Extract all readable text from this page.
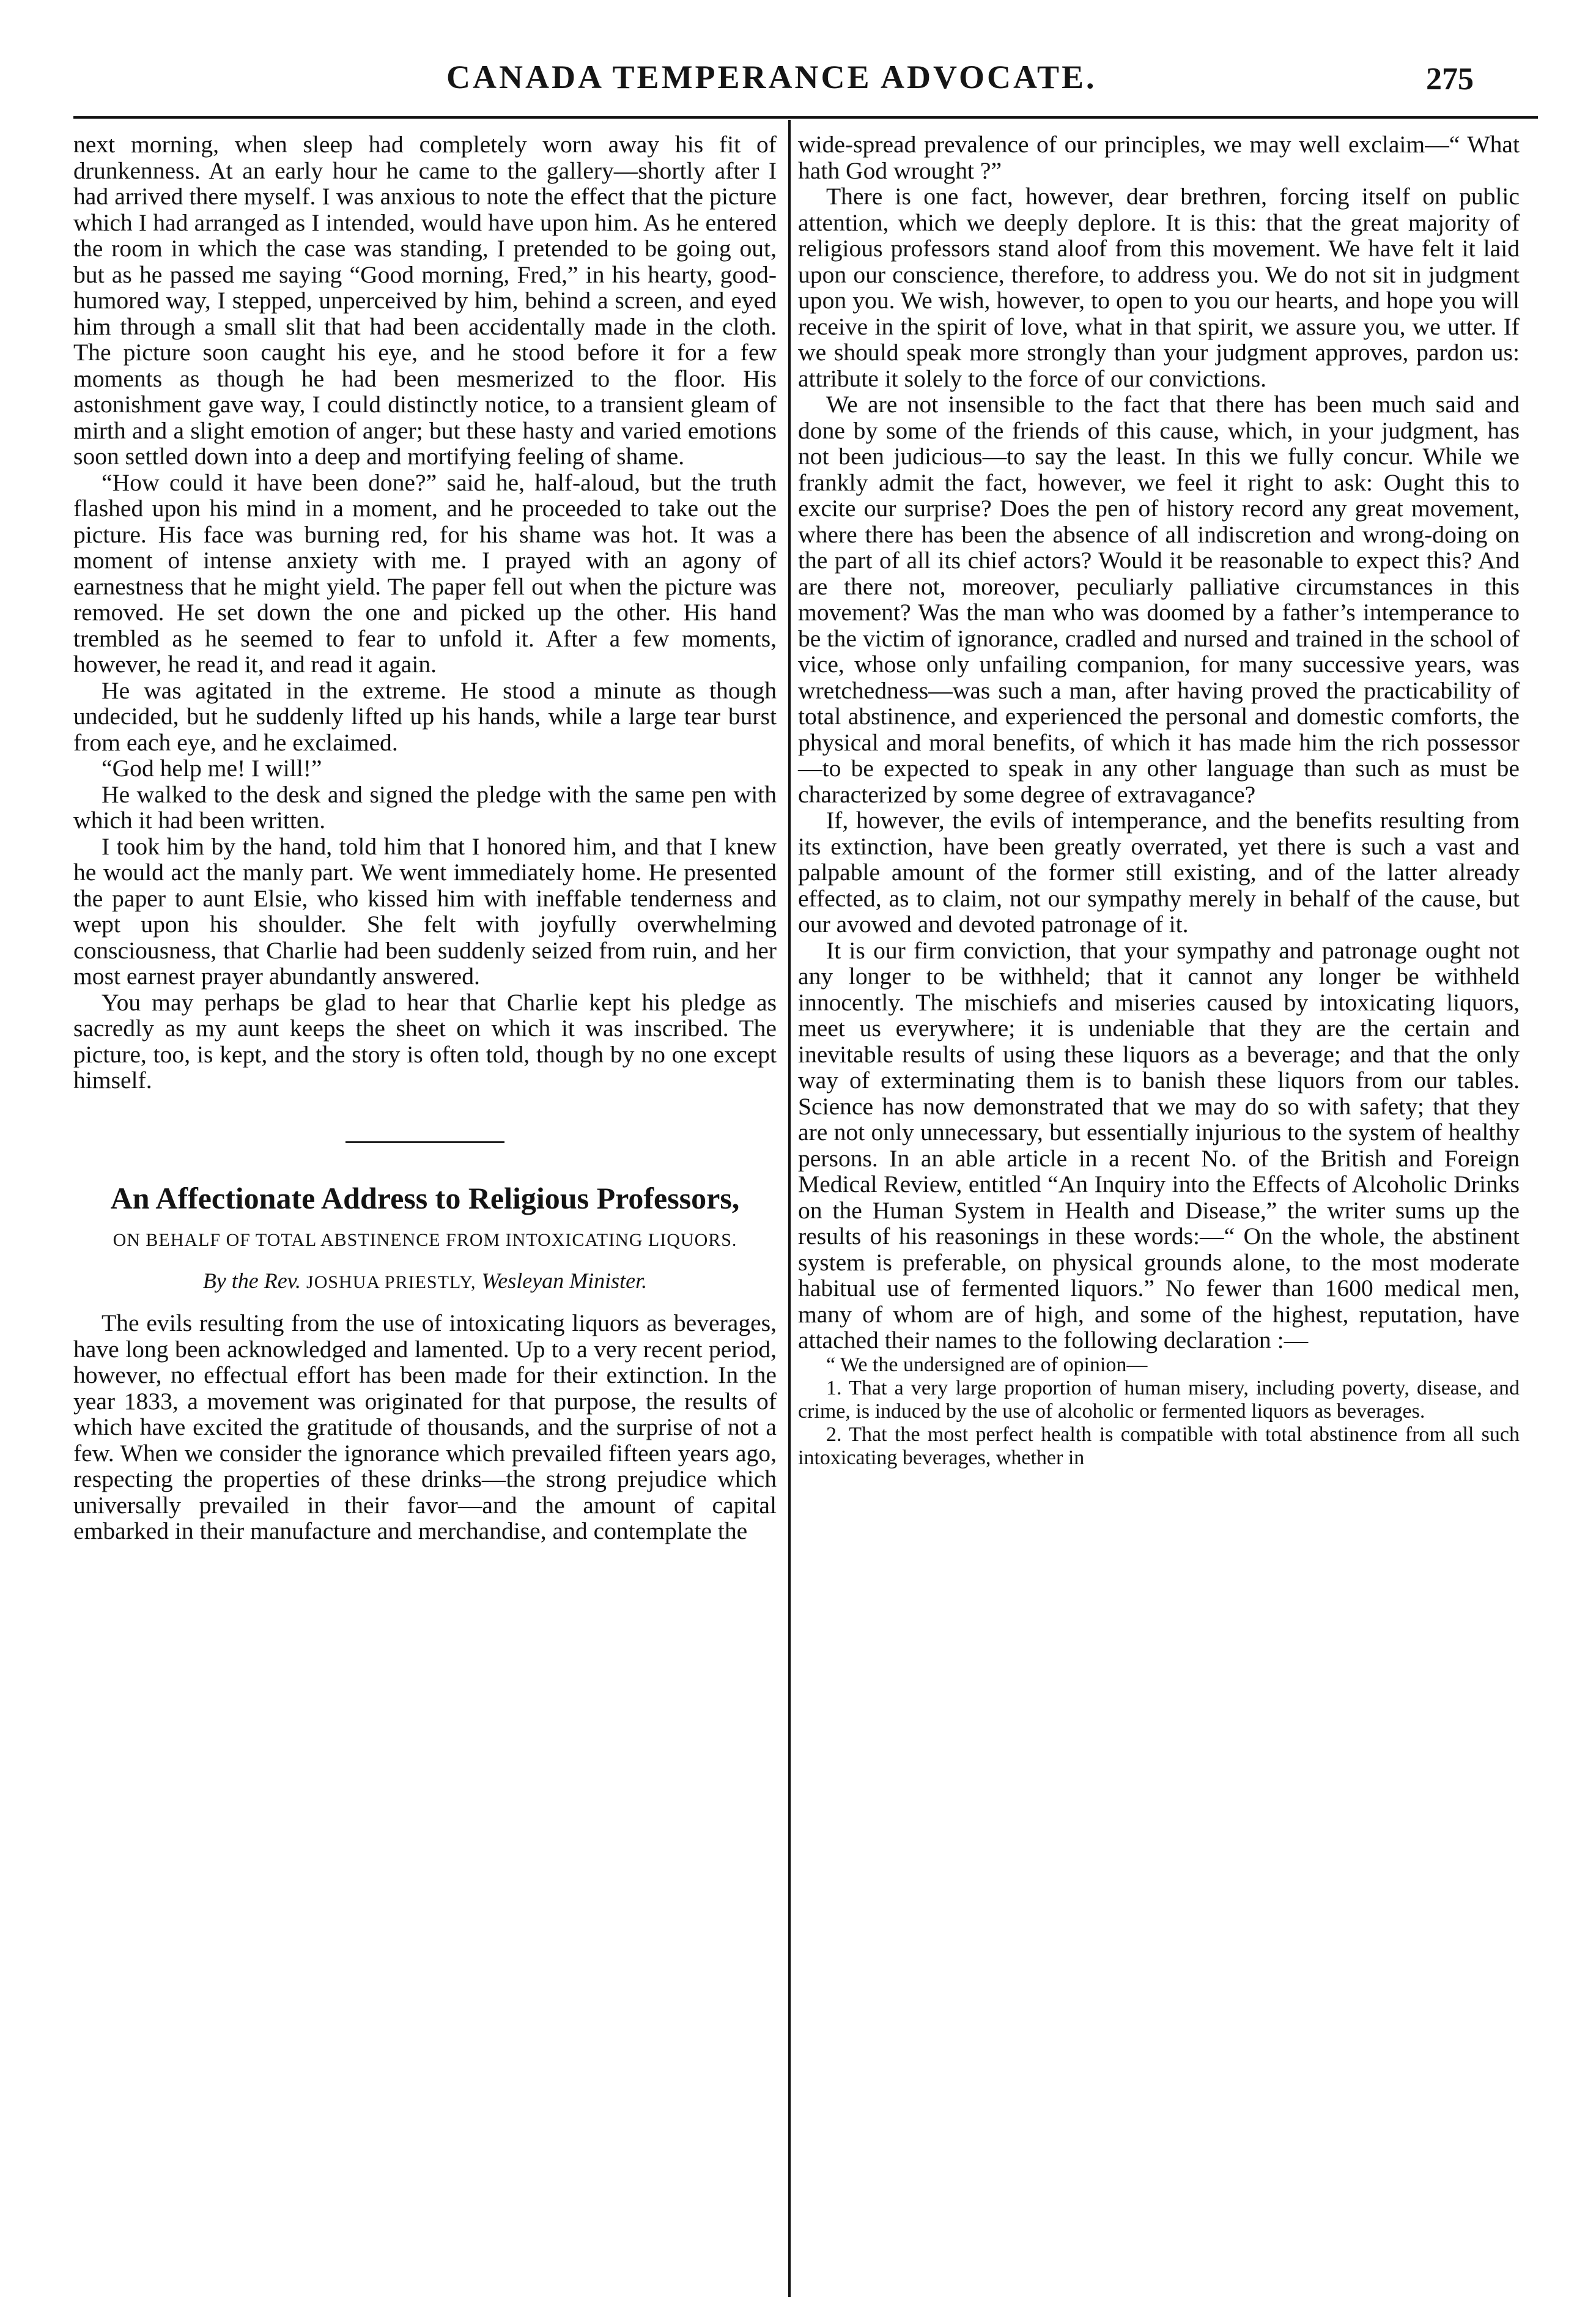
CANADA TEMPERANCE ADVOCATE.	275

next morning, when sleep had completely worn away his fit of drunkenness. At an early hour he came to the gallery—shortly after I had arrived there myself. I was anxious to note the effect that the picture which I had arranged as I intended, would have upon him. As he entered the room in which the case was standing, I pretended to be going out, but as he passed me saying “Good morning, Fred,” in his hearty, good-humored way, I stepped, unperceived by him, behind a screen, and eyed him through a small slit that had been accidentally made in the cloth. The picture soon caught his eye, and he stood before it for a few moments as though he had been mesmerized to the floor. His astonishment gave way, I could distinctly notice, to a transient gleam of mirth and a slight emotion of anger; but these hasty and varied emotions soon settled down into a deep and mortifying feeling of shame.

“How could it have been done?” said he, half-aloud, but the truth flashed upon his mind in a moment, and he proceeded to take out the picture. His face was burning red, for his shame was hot. It was a moment of intense anxiety with me. I prayed with an agony of earnestness that he might yield. The paper fell out when the picture was removed. He set down the one and picked up the other. His hand trembled as he seemed to fear to unfold it. After a few moments, however, he read it, and read it again.

He was agitated in the extreme. He stood a minute as though undecided, but he suddenly lifted up his hands, while a large tear burst from each eye, and he exclaimed.

“God help me! I will!”

He walked to the desk and signed the pledge with the same pen with which it had been written.

I took him by the hand, told him that I honored him, and that I knew he would act the manly part. We went immediately home. He presented the paper to aunt Elsie, who kissed him with ineffable tenderness and wept upon his shoulder. She felt with joyfully overwhelming consciousness, that Charlie had been suddenly seized from ruin, and her most earnest prayer abundantly answered.

You may perhaps be glad to hear that Charlie kept his pledge as sacredly as my aunt keeps the sheet on which it was inscribed. The picture, too, is kept, and the story is often told, though by no one except himself.

An Affectionate Address to Religious Professors,
ON BEHALF OF TOTAL ABSTINENCE FROM INTOXICATING LIQUORS.
By the Rev. JOSHUA PRIESTLY, Wesleyan Minister.

The evils resulting from the use of intoxicating liquors as beverages, have long been acknowledged and lamented. Up to a very recent period, however, no effectual effort has been made for their extinction. In the year 1833, a movement was originated for that purpose, the results of which have excited the gratitude of thousands, and the surprise of not a few. When we consider the ignorance which prevailed fifteen years ago, respecting the properties of these drinks—the strong prejudice which universally prevailed in their favor—and the amount of capital embarked in their manufacture and merchandise, and contemplate the

wide-spread prevalence of our principles, we may well exclaim—“ What hath God wrought ?”

There is one fact, however, dear brethren, forcing itself on public attention, which we deeply deplore. It is this: that the great majority of religious professors stand aloof from this movement. We have felt it laid upon our conscience, therefore, to address you. We do not sit in judgment upon you. We wish, however, to open to you our hearts, and hope you will receive in the spirit of love, what in that spirit, we assure you, we utter. If we should speak more strongly than your judgment approves, pardon us: attribute it solely to the force of our convictions.

We are not insensible to the fact that there has been much said and done by some of the friends of this cause, which, in your judgment, has not been judicious—to say the least. In this we fully concur. While we frankly admit the fact, however, we feel it right to ask: Ought this to excite our surprise? Does the pen of history record any great movement, where there has been the absence of all indiscretion and wrong-doing on the part of all its chief actors? Would it be reasonable to expect this? And are there not, moreover, peculiarly palliative circumstances in this movement? Was the man who was doomed by a father’s intemperance to be the victim of ignorance, cradled and nursed and trained in the school of vice, whose only unfailing companion, for many successive years, was wretchedness—was such a man, after having proved the practicability of total abstinence, and experienced the personal and domestic comforts, the physical and moral benefits, of which it has made him the rich possessor—to be expected to speak in any other language than such as must be characterized by some degree of extravagance?

If, however, the evils of intemperance, and the benefits resulting from its extinction, have been greatly overrated, yet there is such a vast and palpable amount of the former still existing, and of the latter already effected, as to claim, not our sympathy merely in behalf of the cause, but our avowed and devoted patronage of it.

It is our firm conviction, that your sympathy and patronage ought not any longer to be withheld; that it cannot any longer be withheld innocently. The mischiefs and miseries caused by intoxicating liquors, meet us everywhere; it is undeniable that they are the certain and inevitable results of using these liquors as a beverage; and that the only way of exterminating them is to banish these liquors from our tables. Science has now demonstrated that we may do so with safety; that they are not only unnecessary, but essentially injurious to the system of healthy persons. In an able article in a recent No. of the British and Foreign Medical Review, entitled “An Inquiry into the Effects of Alcoholic Drinks on the Human System in Health and Disease,” the writer sums up the results of his reasonings in these words:—“ On the whole, the abstinent system is preferable, on physical grounds alone, to the most moderate habitual use of fermented liquors.” No fewer than 1600 medical men, many of whom are of high, and some of the highest, reputation, have attached their names to the following declaration :—

“ We the undersigned are of opinion—

1. That a very large proportion of human misery, including poverty, disease, and crime, is induced by the use of alcoholic or fermented liquors as beverages.

2. That the most perfect health is compatible with total abstinence from all such intoxicating beverages, whether in
